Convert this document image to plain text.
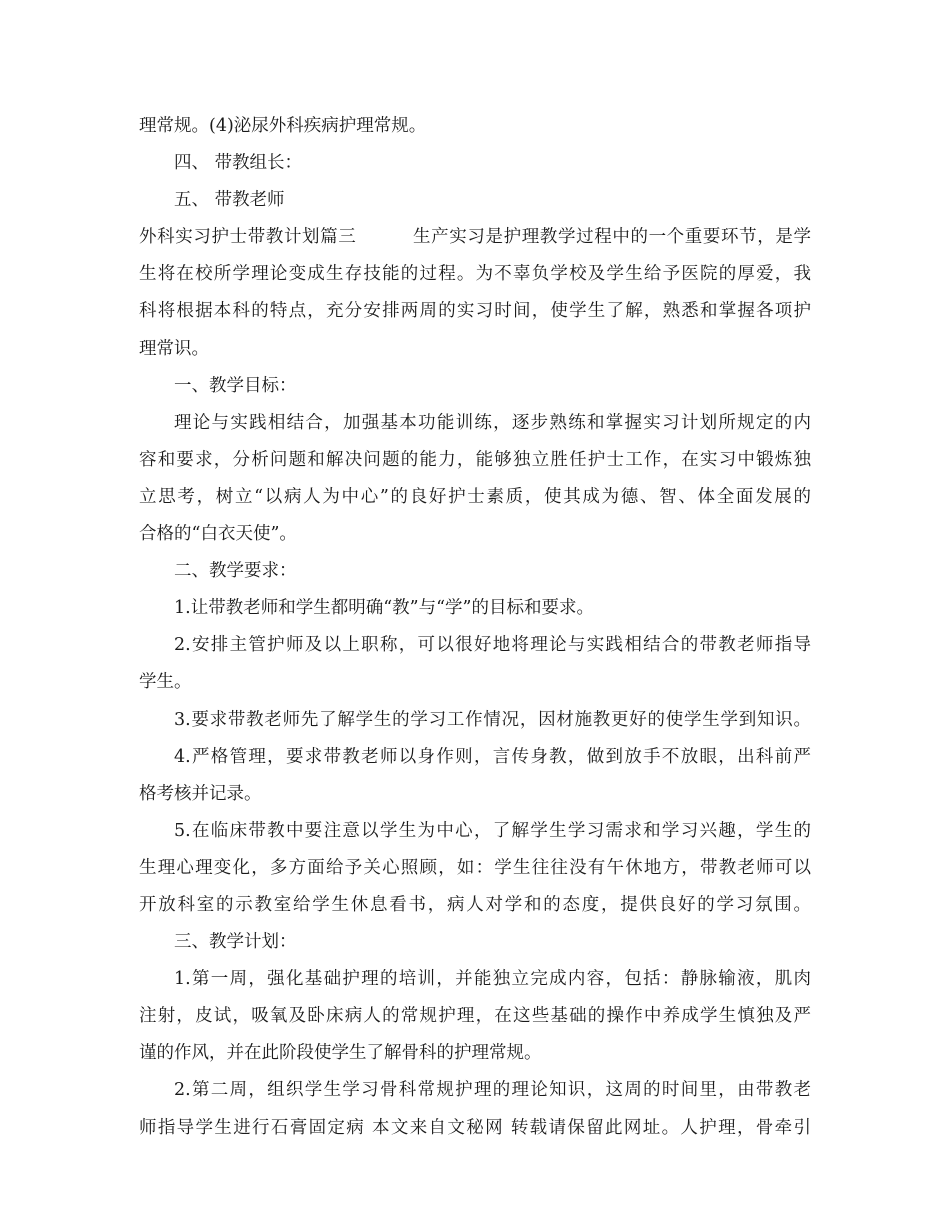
理常规。(4)泌尿外科疾病护理常规。
四、 带教组长：
五、 带教老师
外科实习护士带教计划篇三	生产实习是护理教学过程中的一个重要环节，是学
生将在校所学理论变成生存技能的过程。为不辜负学校及学生给予医院的厚爱，我
科将根据本科的特点，充分安排两周的实习时间，使学生了解，熟悉和掌握各项护
理常识。
一、教学目标：
理论与实践相结合，加强基本功能训练，逐步熟练和掌握实习计划所规定的内
容和要求，分析问题和解决问题的能力，能够独立胜任护士工作，在实习中锻炼独
立思考，树立“以病人为中心”的良好护士素质，使其成为德、智、体全面发展的
合格的“白衣天使”。
二、教学要求：
1.让带教老师和学生都明确“教”与“学”的目标和要求。
2.安排主管护师及以上职称，可以很好地将理论与实践相结合的带教老师指导
学生。
3.要求带教老师先了解学生的学习工作情况，因材施教更好的使学生学到知识。
4.严格管理，要求带教老师以身作则，言传身教，做到放手不放眼，出科前严
格考核并记录。
5.在临床带教中要注意以学生为中心，了解学生学习需求和学习兴趣，学生的
生理心理变化，多方面给予关心照顾，如：学生往往没有午休地方，带教老师可以
开放科室的示教室给学生休息看书，病人对学和的态度，提供良好的学习氛围。
三、教学计划：
1.第一周，强化基础护理的培训，并能独立完成内容，包括：静脉输液，肌肉
注射，皮试，吸氧及卧床病人的常规护理，在这些基础的操作中养成学生慎独及严
谨的作风，并在此阶段使学生了解骨科的护理常规。
2.第二周，组织学生学习骨科常规护理的理论知识，这周的时间里，由带教老
师指导学生进行石膏固定病 本文来自文秘网 转载请保留此网址。人护理，骨牵引
